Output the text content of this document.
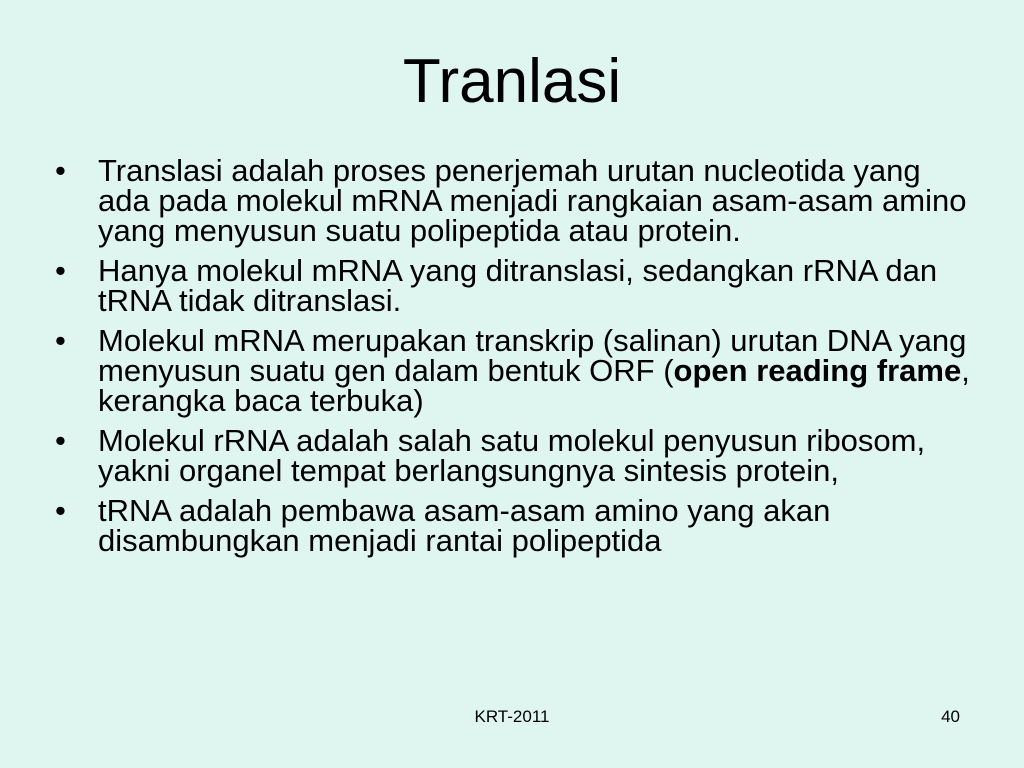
Tranlasi
•	Translasi adalah proses penerjemah urutan nucleotida yang ada pada molekul mRNA menjadi rangkaian asam-asam amino yang menyusun suatu polipeptida atau protein.
•	Hanya molekul mRNA yang ditranslasi, sedangkan rRNA dan tRNA tidak ditranslasi.
•	Molekul mRNA merupakan transkrip (salinan) urutan DNA yang menyusun suatu gen dalam bentuk ORF (open reading frame, kerangka baca terbuka)
•	Molekul rRNA adalah salah satu molekul penyusun ribosom, yakni organel tempat berlangsungnya sintesis protein,
•	tRNA adalah pembawa asam-asam amino yang akan disambungkan menjadi rantai polipeptida
KRT-2011	40
